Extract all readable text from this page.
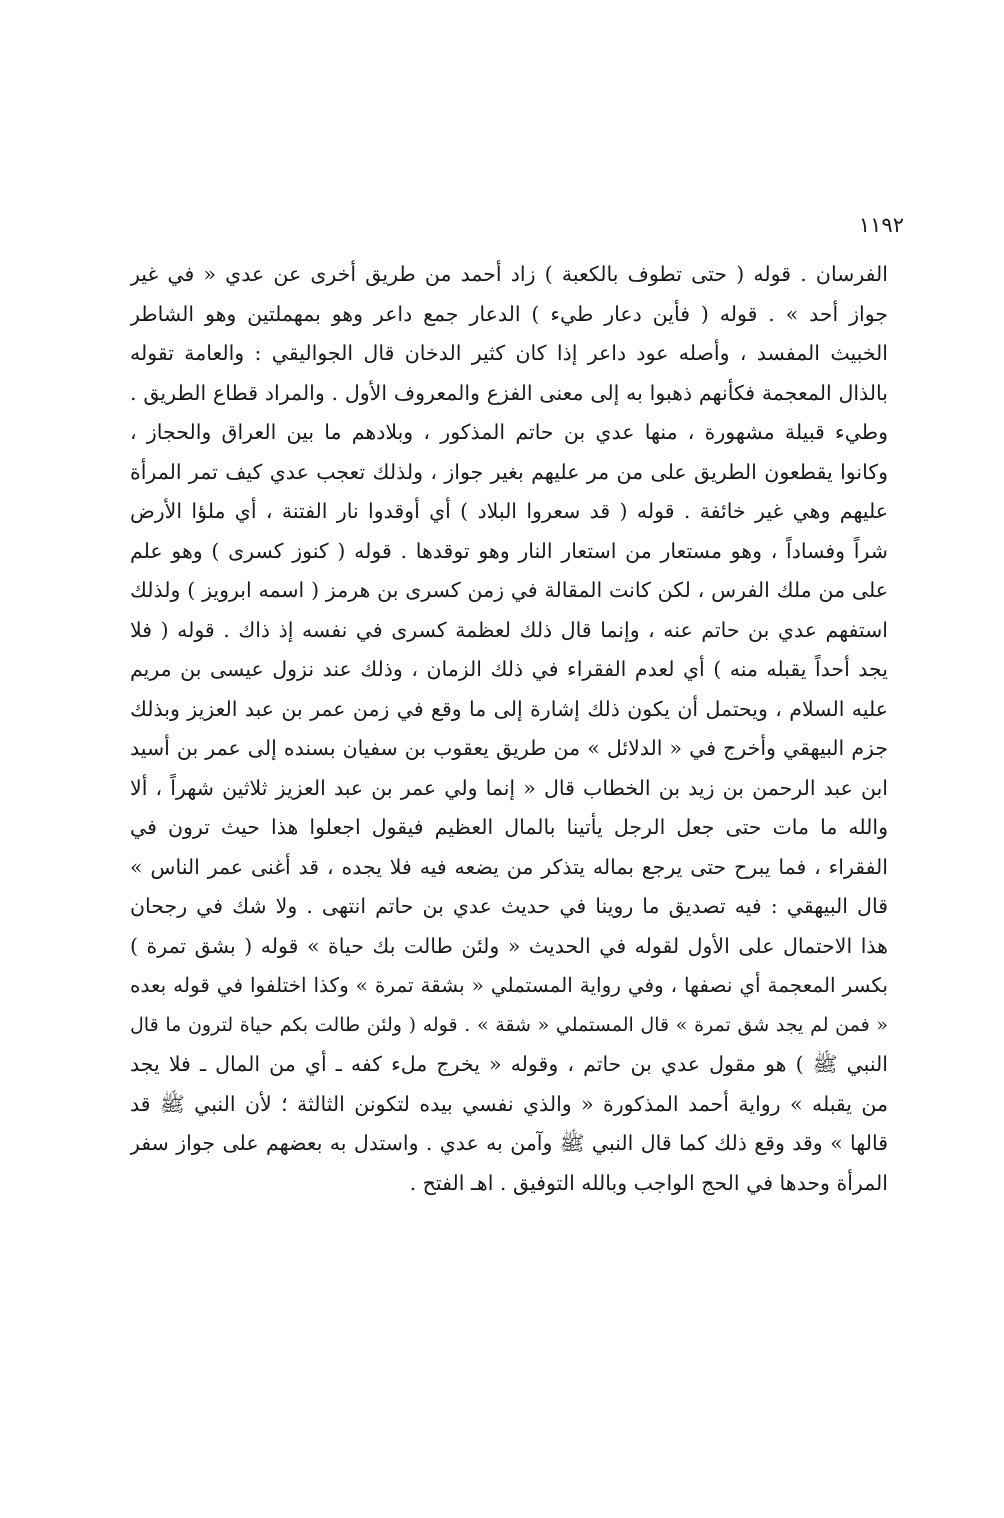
١١٩٢
الفرسان . قوله ( حتى تطوف بالكعبة ) زاد أحمد من طريق أخرى عن عدي « في غير
جواز أحد » . قوله ( فأين دعار طيء ) الدعار جمع داعر وهو بمهملتين وهو الشاطر
الخبيث المفسد ، وأصله عود داعر إذا كان كثير الدخان قال الجواليقي : والعامة تقوله
بالذال المعجمة فكأنهم ذهبوا به إلى معنى الفزع والمعروف الأول . والمراد قطاع الطريق .
وطيء قبيلة مشهورة ، منها عدي بن حاتم المذكور ، وبلادهم ما بين العراق والحجاز ،
وكانوا يقطعون الطريق على من مر عليهم بغير جواز ، ولذلك تعجب عدي كيف تمر المرأة
عليهم وهي غير خائفة . قوله ( قد سعروا البلاد ) أي أوقدوا نار الفتنة ، أي ملؤا الأرض
شراً وفساداً ، وهو مستعار من استعار النار وهو توقدها . قوله ( كنوز كسرى ) وهو علم
على من ملك الفرس ، لكن كانت المقالة في زمن كسرى بن هرمز ( اسمه ابرويز ) ولذلك
استفهم عدي بن حاتم عنه ، وإنما قال ذلك لعظمة كسرى في نفسه إذ ذاك . قوله ( فلا
يجد أحداً يقبله منه ) أي لعدم الفقراء في ذلك الزمان ، وذلك عند نزول عيسى بن مريم
عليه السلام ، ويحتمل أن يكون ذلك إشارة إلى ما وقع في زمن عمر بن عبد العزيز وبذلك
جزم البيهقي وأخرج في « الدلائل » من طريق يعقوب بن سفيان بسنده إلى عمر بن أسيد
ابن عبد الرحمن بن زيد بن الخطاب قال « إنما ولي عمر بن عبد العزيز ثلاثين شهراً ، ألا
والله ما مات حتى جعل الرجل يأتينا بالمال العظيم فيقول اجعلوا هذا حيث ترون في
الفقراء ، فما يبرح حتى يرجع بماله يتذكر من يضعه فيه فلا يجده ، قد أغنى عمر الناس »
قال البيهقي : فيه تصديق ما روينا في حديث عدي بن حاتم انتهى . ولا شك في رجحان
هذا الاحتمال على الأول لقوله في الحديث « ولئن طالت بك حياة » قوله ( بشق تمرة )
بكسر المعجمة أي نصفها ، وفي رواية المستملي « بشقة تمرة » وكذا اختلفوا في قوله بعده
« فمن لم يجد شق تمرة » قال المستملي « شقة » . قوله ( ولئن طالت بكم حياة لترون ما قال
النبي ﷺ ) هو مقول عدي بن حاتم ، وقوله « يخرج ملء كفه ـ أي من المال ـ فلا يجد
من يقبله » رواية أحمد المذكورة « والذي نفسي بيده لتكونن الثالثة ؛ لأن النبي ﷺ قد
قالها » وقد وقع ذلك كما قال النبي ﷺ وآمن به عدي . واستدل به بعضهم على جواز سفر
المرأة وحدها في الحج الواجب وبالله التوفيق . اهـ الفتح .
